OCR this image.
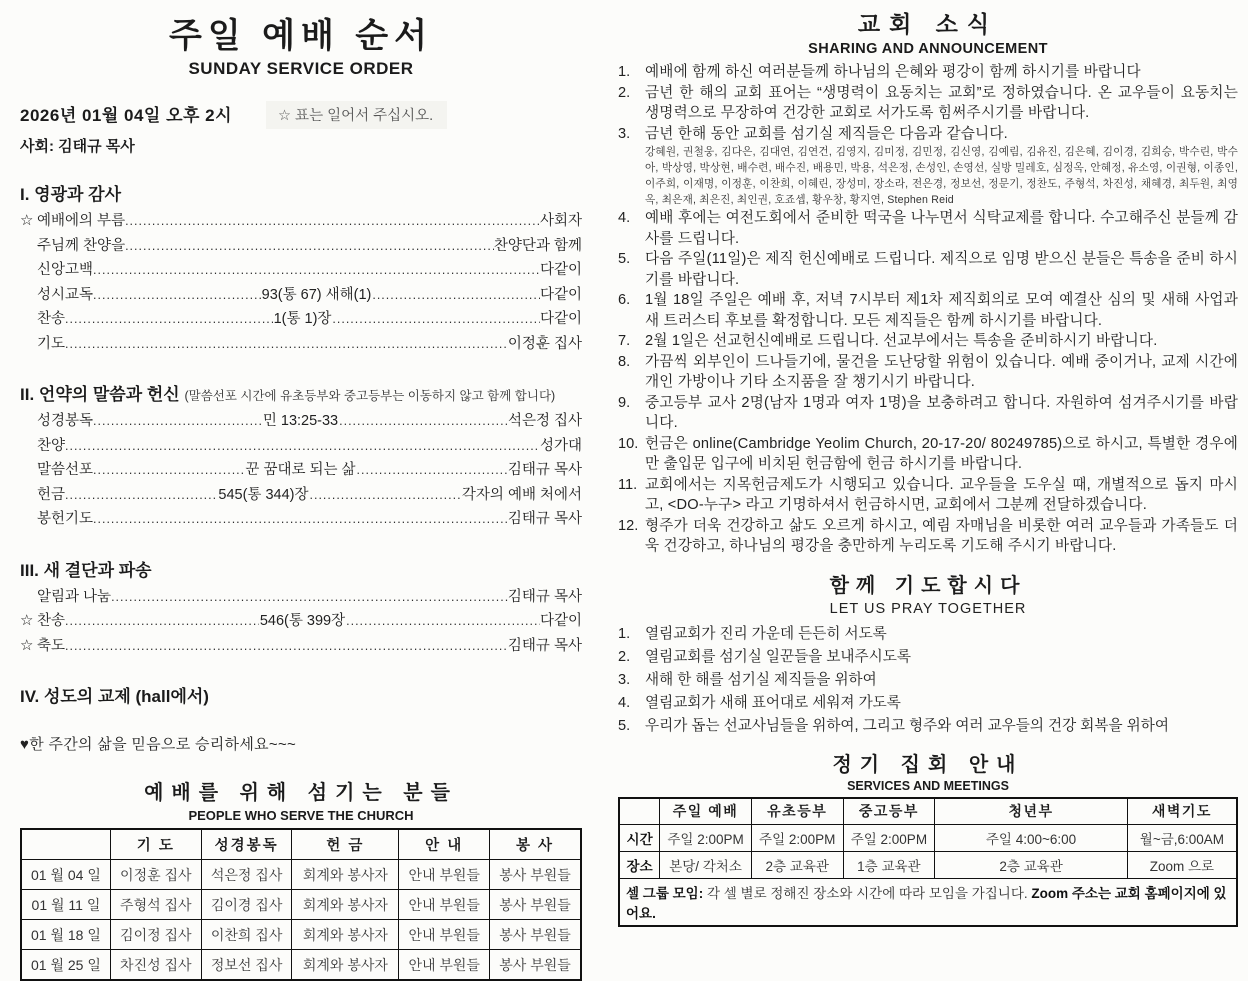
주일 예배 순서
SUNDAY SERVICE ORDER
2026년 01월 04일 오후 2시	☆ 표는 일어서 주십시오.
사회: 김태규 목사
I. 영광과 감사
☆ 예배에의 부름 .....	사회자
주님께 찬양을 .....	찬양단과 함께
신앙고백 .....	다같이
성시교독 .....	93(통 67) 새해(1) .....	다같이
찬송 .....	1(통 1)장 .....	다같이
기도 .....	이정훈 집사
II. 언약의 말씀과 헌신 (말씀선포 시간에 유초등부와 중고등부는 이동하지 않고 함께 합니다)
성경봉독 .....	민 13:25-33 .....	석은정 집사
찬양 .....	성가대
말씀선포 .....	꾼 꿈대로 되는 삶 .....	김태규 목사
헌금 .....	545(통 344)장 .....	각자의 예배 처에서
봉헌기도 .....	김태규 목사
III. 새 결단과 파송
알림과 나눔 .....	김태규 목사
☆ 찬송 .....	546(통 399장 .....	다같이
☆ 축도 .....	김태규 목사
IV. 성도의 교제 (hall에서)
♥한 주간의 삶을 믿음으로 승리하세요~~~
예배를 위해 섬기는 분들
PEOPLE WHO SERVE THE CHURCH
	기 도	성경봉독	헌 금	안 내	봉 사
01 월 04 일	이정훈 집사	석은정 집사	회계와 봉사자	안내 부원들	봉사 부원들
01 월 11 일	주형석 집사	김이경 집사	회계와 봉사자	안내 부원들	봉사 부원들
01 월 18 일	김이정 집사	이찬희 집사	회계와 봉사자	안내 부원들	봉사 부원들
01 월 25 일	차진성 집사	정보선 집사	회계와 봉사자	안내 부원들	봉사 부원들
교회 소식
SHARING AND ANNOUNCEMENT
1.	예배에 함께 하신 여러분들께 하나님의 은혜와 평강이 함께 하시기를 바랍니다
2.	금년 한 해의 교회 표어는 “생명력이 요동치는 교회”로 정하였습니다. 온 교우들이 요동치는 생명력으로 무장하여 건강한 교회로 서가도록 힘써주시기를 바랍니다.
3.	금년 한해 동안 교회를 섬기실 제직들은 다음과 같습니다.
강혜원, 권철웅, 김다은, 김대연, 김연건, 김영지, 김미정, 김민정, 김신영, 김예림, 김유진, 김은혜, 김이경, 김희승, 박수린, 박수아, 박상영, 박상현, 배수련, 배수진, 배용민, 박용, 석은정, 손성인, 손영선, 실방 밀레호, 심정옥, 안혜정, 유소영, 이권형, 이종인, 이주희, 이재명, 이정훈, 이찬희, 이혜린, 장성미, 장소라, 전은경, 정보선, 정문기, 정찬도, 주형석, 차진성, 채혜경, 최두원, 최영옥, 최은재, 최은진, 최인권, 호죠셉, 황우창, 황지연, Stephen Reid
4.	예배 후에는 여전도회에서 준비한 떡국을 나누면서 식탁교제를 합니다. 수고해주신 분들께 감사를 드립니다.
5.	다음 주일(11일)은 제직 헌신예배로 드립니다. 제직으로 임명 받으신 분들은 특송을 준비 하시기를 바랍니다.
6.	1월 18일 주일은 예배 후, 저녁 7시부터 제1차 제직회의로 모여 예결산 심의 및 새해 사업과 새 트러스티 후보를 확정합니다. 모든 제직들은 함께 하시기를 바랍니다.
7.	2월 1일은 선교헌신예배로 드립니다. 선교부에서는 특송을 준비하시기 바랍니다.
8.	가끔씩 외부인이 드나들기에, 물건을 도난당할 위험이 있습니다. 예배 중이거나, 교제 시간에 개인 가방이나 기타 소지품을 잘 챙기시기 바랍니다.
9.	중고등부 교사 2명(남자 1명과 여자 1명)을 보충하려고 합니다. 자원하여 섬겨주시기를 바랍니다.
10. 헌금은 online(Cambridge Yeolim Church, 20-17-20/ 80249785)으로 하시고, 특별한 경우에만 출입문 입구에 비치된 헌금함에 헌금 하시기를 바랍니다.
11. 교회에서는 지목헌금제도가 시행되고 있습니다. 교우들을 도우실 때, 개별적으로 돕지 마시고, <DO-누구> 라고 기명하셔서 헌금하시면, 교회에서 그분께 전달하겠습니다.
12. 형주가 더욱 건강하고 삶도 오르게 하시고, 예림 자매님을 비롯한 여러 교우들과 가족들도 더욱 건강하고, 하나님의 평강을 충만하게 누리도록 기도해 주시기 바랍니다.
함께 기도합시다
LET US PRAY TOGETHER
1.	열림교회가 진리 가운데 든든히 서도록
2.	열림교회를 섬기실 일꾼들을 보내주시도록
3.	새해 한 해를 섬기실 제직들을 위하여
4.	열림교회가 새해 표어대로 세워져 가도록
5.	우리가 돕는 선교사님들을 위하여, 그리고 형주와 여러 교우들의 건강 회복을 위하여
정기 집회 안내
SERVICES AND MEETINGS
	주일 예배	유초등부	중고등부	청년부	새벽기도
시간	주일 2:00PM	주일 2:00PM	주일 2:00PM	주일 4:00~6:00	월~금,6:00AM
장소	본당/ 각처소	2층 교육관	1층 교육관	2층 교육관	Zoom 으로
셀 그룹 모임: 각 셀 별로 정해진 장소와 시간에 따라 모임을 가집니다. Zoom 주소는 교회 홈페이지에 있어요.					
